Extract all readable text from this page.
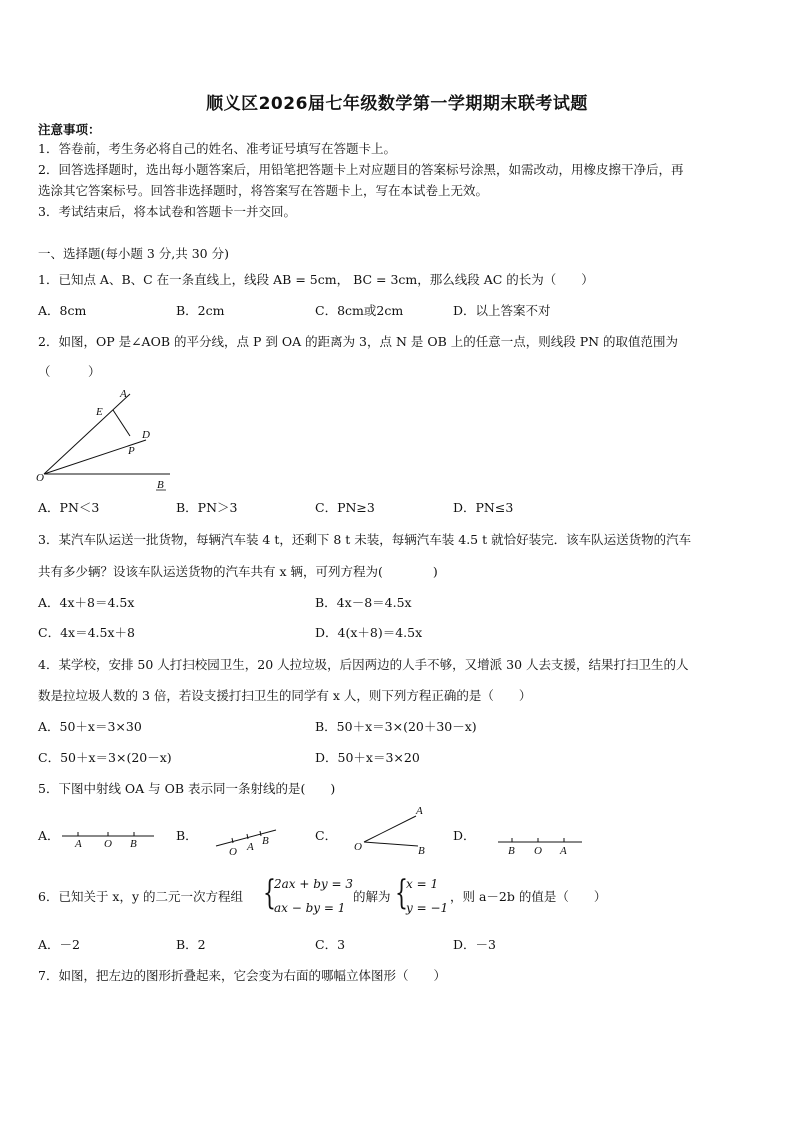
顺义区2026届七年级数学第一学期期末联考试题
注意事项：
1．答卷前，考生务必将自己的姓名、准考证号填写在答题卡上。
2．回答选择题时，选出每小题答案后，用铅笔把答题卡上对应题目的答案标号涂黑，如需改动，用橡皮擦干净后，再
选涂其它答案标号。回答非选择题时，将答案写在答题卡上，写在本试卷上无效。
3．考试结束后，将本试卷和答题卡一并交回。
一、选择题(每小题 3 分,共 30 分)
1．已知点 A、B、C 在一条直线上，线段 AB = 5cm， BC = 3cm，那么线段 AC 的长为（　　）
A．8cm	B．2cm	C．8cm或2cm	D．以上答案不对
2．如图，OP 是∠AOB 的平分线，点 P 到 OA 的距离为 3，点 N 是 OB 上的任意一点，则线段 PN 的取值范围为
（　　　）
A
E
D
P
O
B
A．PN＜3	B．PN＞3	C．PN≥3	D．PN≤3
3．某汽车队运送一批货物，每辆汽车装 4 t，还剩下 8 t 未装，每辆汽车装 4.5 t 就恰好装完．该车队运送货物的汽车
共有多少辆？设该车队运送货物的汽车共有 x 辆，可列方程为(　　　　)
A．4x＋8＝4.5x	B．4x－8＝4.5x
C．4x＝4.5x＋8	D．4(x＋8)＝4.5x
4．某学校，安排 50 人打扫校园卫生，20 人拉垃圾，后因两边的人手不够，又增派 30 人去支援，结果打扫卫生的人
数是拉垃圾人数的 3 倍，若设支援打扫卫生的同学有 x 人，则下列方程正确的是（　　）
A．50＋x＝3×30	B．50＋x＝3×(20＋30－x)
C．50＋x＝3×(20－x)	D．50＋x＝3×20
5．下图中射线 OA 与 OB 表示同一条射线的是(　　)
A．
A O B
B．
O A B	C．
A
O	B
D．
B O A
6．已知关于 x，y 的二元一次方程组 {
2ax + by = 3
ax − by = 1
的解为 {
x = 1
y = −1
，则 a－2b 的值是（　　）
A．－2	B．2	C．3	D．－3
7．如图，把左边的图形折叠起来，它会变为右面的哪幅立体图形（　　）
